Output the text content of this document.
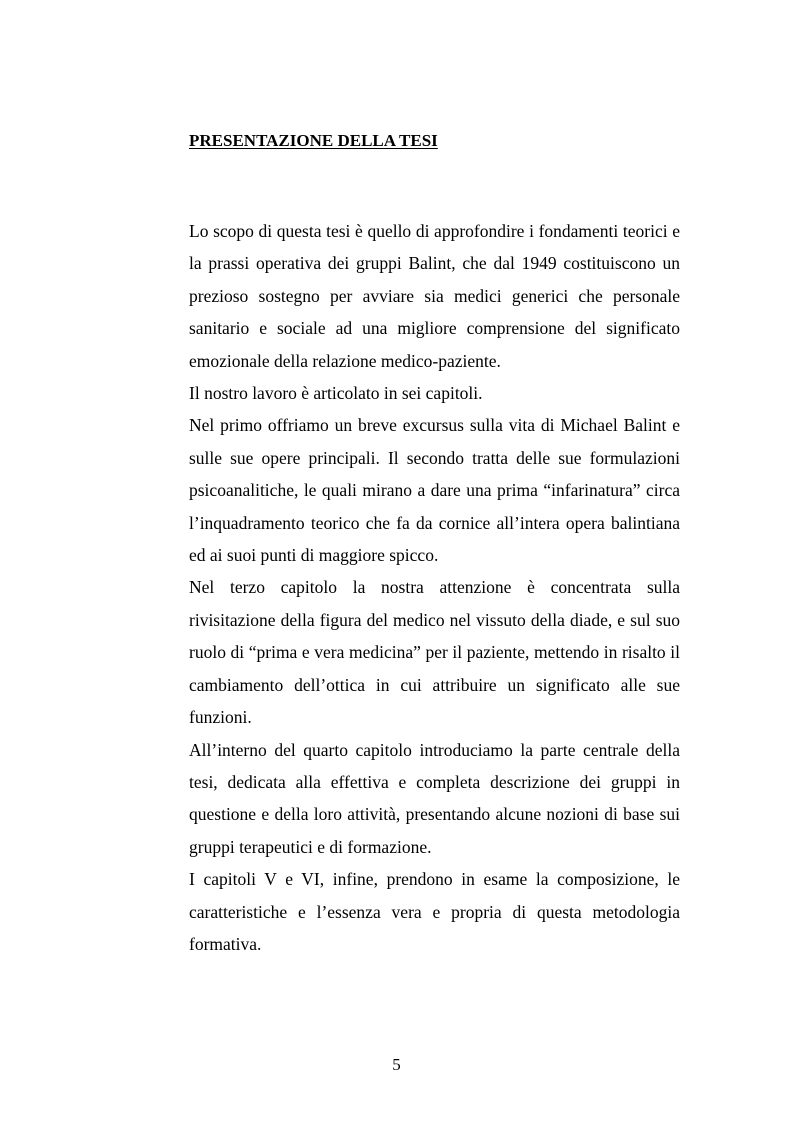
PRESENTAZIONE DELLA TESI

Lo scopo di questa tesi è quello di approfondire i fondamenti teorici e la prassi operativa dei gruppi Balint, che dal 1949 costituiscono un prezioso sostegno per avviare sia medici generici che personale sanitario e sociale ad una migliore comprensione del significato emozionale della relazione medico-paziente.

Il nostro lavoro è articolato in sei capitoli.

Nel primo offriamo un breve excursus sulla vita di Michael Balint e sulle sue opere principali. Il secondo tratta delle sue formulazioni psicoanalitiche, le quali mirano a dare una prima “infarinatura” circa l’inquadramento teorico che fa da cornice all’intera opera balintiana ed ai suoi punti di maggiore spicco.

Nel terzo capitolo la nostra attenzione è concentrata sulla rivisitazione della figura del medico nel vissuto della diade, e sul suo ruolo di “prima e vera medicina” per il paziente, mettendo in risalto il cambiamento dell’ottica in cui attribuire un significato alle sue funzioni.

All’interno del quarto capitolo introduciamo la parte centrale della tesi, dedicata alla effettiva e completa descrizione dei gruppi in questione e della loro attività, presentando alcune nozioni di base sui gruppi terapeutici e di formazione.

I capitoli V e VI, infine, prendono in esame la composizione, le caratteristiche e l’essenza vera e propria di questa metodologia formativa.

5
